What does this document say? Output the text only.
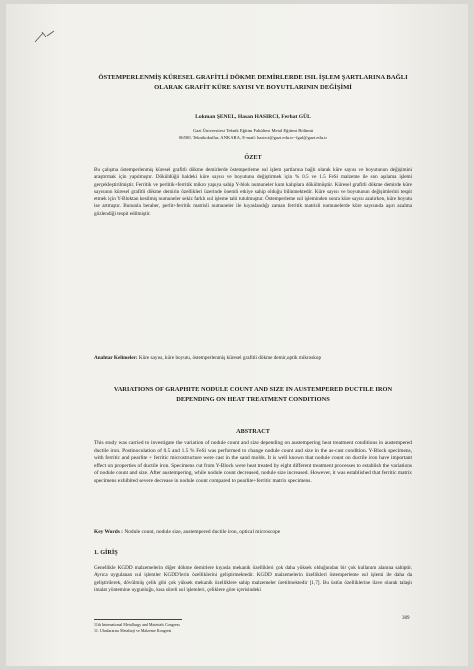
ÖSTEMPERLENMİŞ KÜRESEL GRAFİTLİ DÖKME DEMİRLERDE ISIL İŞLEM ŞARTLARINA BAĞLI OLARAK GRAFİT KÜRE SAYISI VE BOYUTLARININ DEĞİŞİMİ
Lokman ŞENEL, Hasan HASIRCI, Ferhat GÜL

Gazi Üniversitesi Teknik Eğitim Fakültesi Metal Eğitimi Bölümü

06500, Teknikokullar, ANKARA, E-mail: hasirci@gazi.edu.tr--fgul@gazi.edu.tr

ÖZET
Bu çalışma östemperlenmiş küresel grafitli dökme demirlerde östemperleme ısıl işlem şartlarına bağlı olarak küre sayısı ve boyutunun değişimini araştırmak için yapılmıştır. Döküldüğü haldeki küre sayısı ve boyutunu değiştirmek için % 0.5 ve 1.5 FeSi malzeme ile son aşılama işlemi gerçekleştirilmiştir. Ferritik ve perlitik+ferritik mikro yapıya sahip Y-blok numuneler kum kalıplara dökülmüştür. Küresel grafitli dökme demirde küre sayısının küresel grafitli dökme demirin özellikleri üzerinde önemli etkiye sahip olduğu bilinmektedir. Küre sayısı ve boyutunun değişimlerini tespit etmek için Y-Bloktan kesilmiş numuneler sekiz farklı ısıl işleme tabi tutulmuştur. Östemperleme ısıl işleminden sonra küre sayısı azalırken, küre boyutu ise artmıştır. Bununla beraber, perlit+ferritik matrisli numuneler ile kıyaslandığı zaman ferritik matrisli numunelerde küre sayısında aşırı azalma gözlendiği tespit edilmiştir.
Anahtar Kelimeler: Küre sayısı, küre boyutu, östemperlenmiş küresel grafitli dökme demir,optik mikroskop
VARIATIONS OF GRAPHITE NODULE COUNT AND SIZE IN AUSTEMPERED DUCTILE IRON DEPENDING ON HEAT TREATMENT CONDITIONS
ABSTRACT
This study was carried to investigate the variation of nodule count and size depending on austempering heat treatment conditions in austempered ductile iron. Postinoculation of 0.5 and 1.5 % FeSi was performed to change nodule count and size in the as-cast condition. Y-Block specimens, with ferritic and pearlite + ferritic microstructure were cast in the sand molds. It is well known that nodule count on ductile iron have important effect on properties of ductile iron. Specimens cut from Y-Block were heat treated by eight different treatment processes to establish the variations of nodule count and size. After austempering, while nodule count decreased, nodule size increased. However, it was established that ferritic matrix specimens exhibited severe decrease in nodule count compared to pearlite+ferritic matrix specimens.
Key Words : Nodule count, nodule size, austempered ductile iron, optical microscope
1. GİRİŞ
Genellikle KGDD malzemelerin diğer dökme demirlere kıyasla mekanik özellikleri çok daha yüksek olduğundan bir çok kullanım alanına sahiptir. Ayrıca uygulanan ısıl işlemler KGDD'lerin özelliklerini geliştirmektedir. KGDD malzemelerin özellikleri östemperleme ısıl işlemi ile daha da geliştirilerek, dövülmüş çelik gibi çok yüksek mekanik özelliklere sahip malzemeler üretilmektedir [1,7]. Bu üstün özelliklerine ilave olarak talaşlı imalat yöntemine uygunluğu, kısa süreli ısıl işlemleri, çeliklere göre içerisindeki

11th International Metallurgy and Materials Congress

11. Uluslararası Metalurji ve Malzeme Kongresi

389
